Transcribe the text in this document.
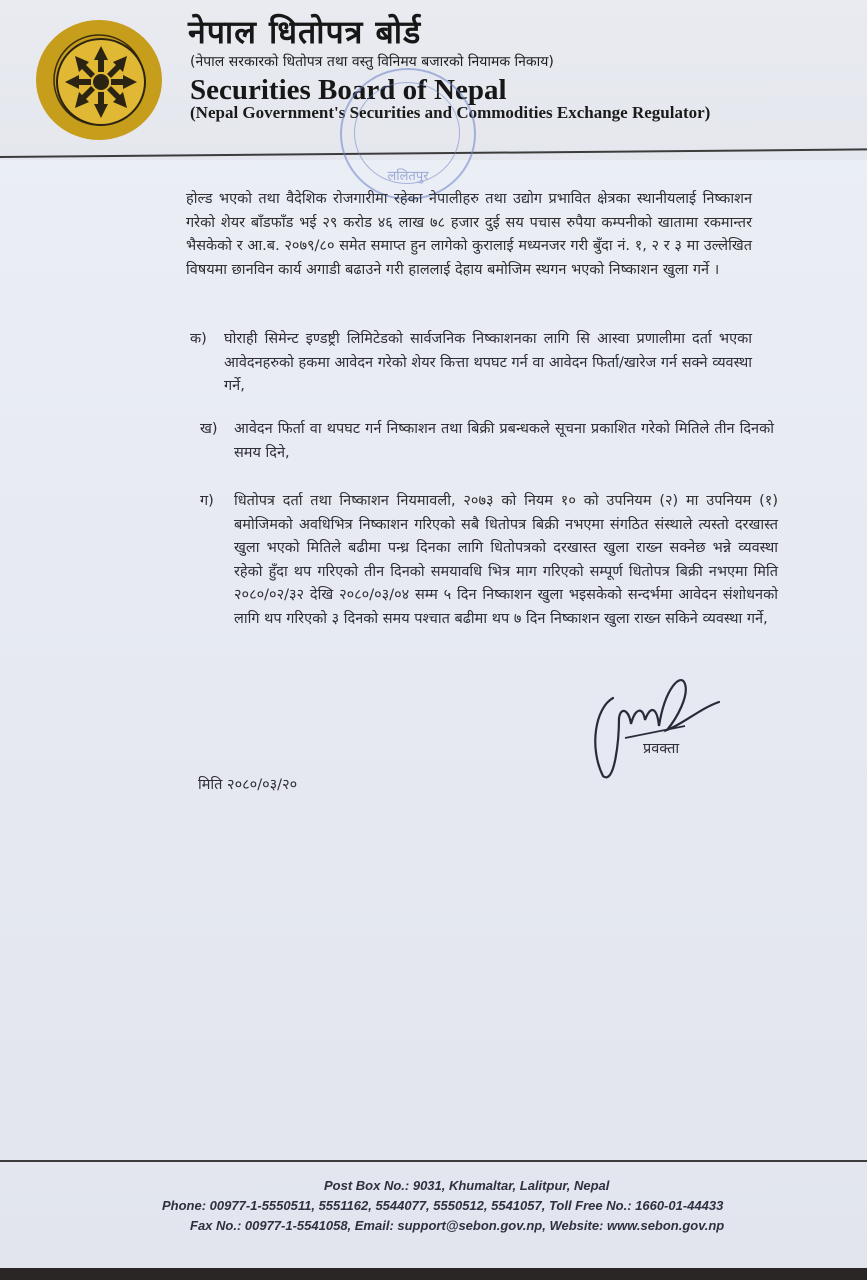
नेपाल धितोपत्र बोर्ड
(नेपाल सरकारको धितोपत्र तथा वस्तु विनिमय बजारको नियामक निकाय)
Securities Board of Nepal
(Nepal Government's Securities and Commodities Exchange Regulator)
ललितपुर
होल्ड भएको तथा वैदेशिक रोजगारीमा रहेका नेपालीहरु तथा उद्योग प्रभावित क्षेत्रका स्थानीयलाई निष्काशन गरेको शेयर बाँडफाँड भई २९ करोड ४६ लाख ७८ हजार दुई सय पचास रुपैया कम्पनीको खातामा रकमान्तर भैसकेको र आ.ब. २०७९/८० समेत समाप्त हुन लागेको कुरालाई मध्यनजर गरी बुँदा नं. १, २ र ३ मा उल्लेखित विषयमा छानविन कार्य अगाडी बढाउने गरी हाललाई देहाय बमोजिम स्थगन भएको निष्काशन खुला गर्ने ।
क) घोराही सिमेन्ट इण्डष्ट्री लिमिटेडको सार्वजनिक निष्काशनका लागि सि आस्वा प्रणालीमा दर्ता भएका आवेदनहरुको हकमा आवेदन गरेको शेयर कित्ता थपघट गर्न वा आवेदन फिर्ता/खारेज गर्न सक्ने व्यवस्था गर्ने,
ख) आवेदन फिर्ता वा थपघट गर्न निष्काशन तथा बिक्री प्रबन्धकले सूचना प्रकाशित गरेको मितिले तीन दिनको समय दिने,
ग) धितोपत्र दर्ता तथा निष्काशन नियमावली, २०७३ को नियम १० को उपनियम (२) मा उपनियम (१) बमोजिमको अवधिभित्र निष्काशन गरिएको सबै धितोपत्र बिक्री नभएमा संगठित संस्थाले त्यस्तो दरखास्त खुला भएको मितिले बढीमा पन्ध्र दिनका लागि धितोपत्रको दरखास्त खुला राख्न सक्नेछ भन्ने व्यवस्था रहेको हुँदा थप गरिएको तीन दिनको समयावधि भित्र माग गरिएको सम्पूर्ण धितोपत्र बिक्री नभएमा मिति २०८०/०२/३२ देखि २०८०/०३/०४ सम्म ५ दिन निष्काशन खुला भइसकेको सन्दर्भमा आवेदन संशोधनको लागि थप गरिएको ३ दिनको समय पश्चात बढीमा थप ७ दिन निष्काशन खुला राख्न सकिने व्यवस्था गर्ने,
प्रवक्ता
मिति २०८०/०३/२०
Post Box No.: 9031, Khumaltar, Lalitpur, Nepal
Phone: 00977-1-5550511, 5551162, 5544077, 5550512, 5541057, Toll Free No.: 1660-01-44433
Fax No.: 00977-1-5541058, Email: support@sebon.gov.np, Website: www.sebon.gov.np
